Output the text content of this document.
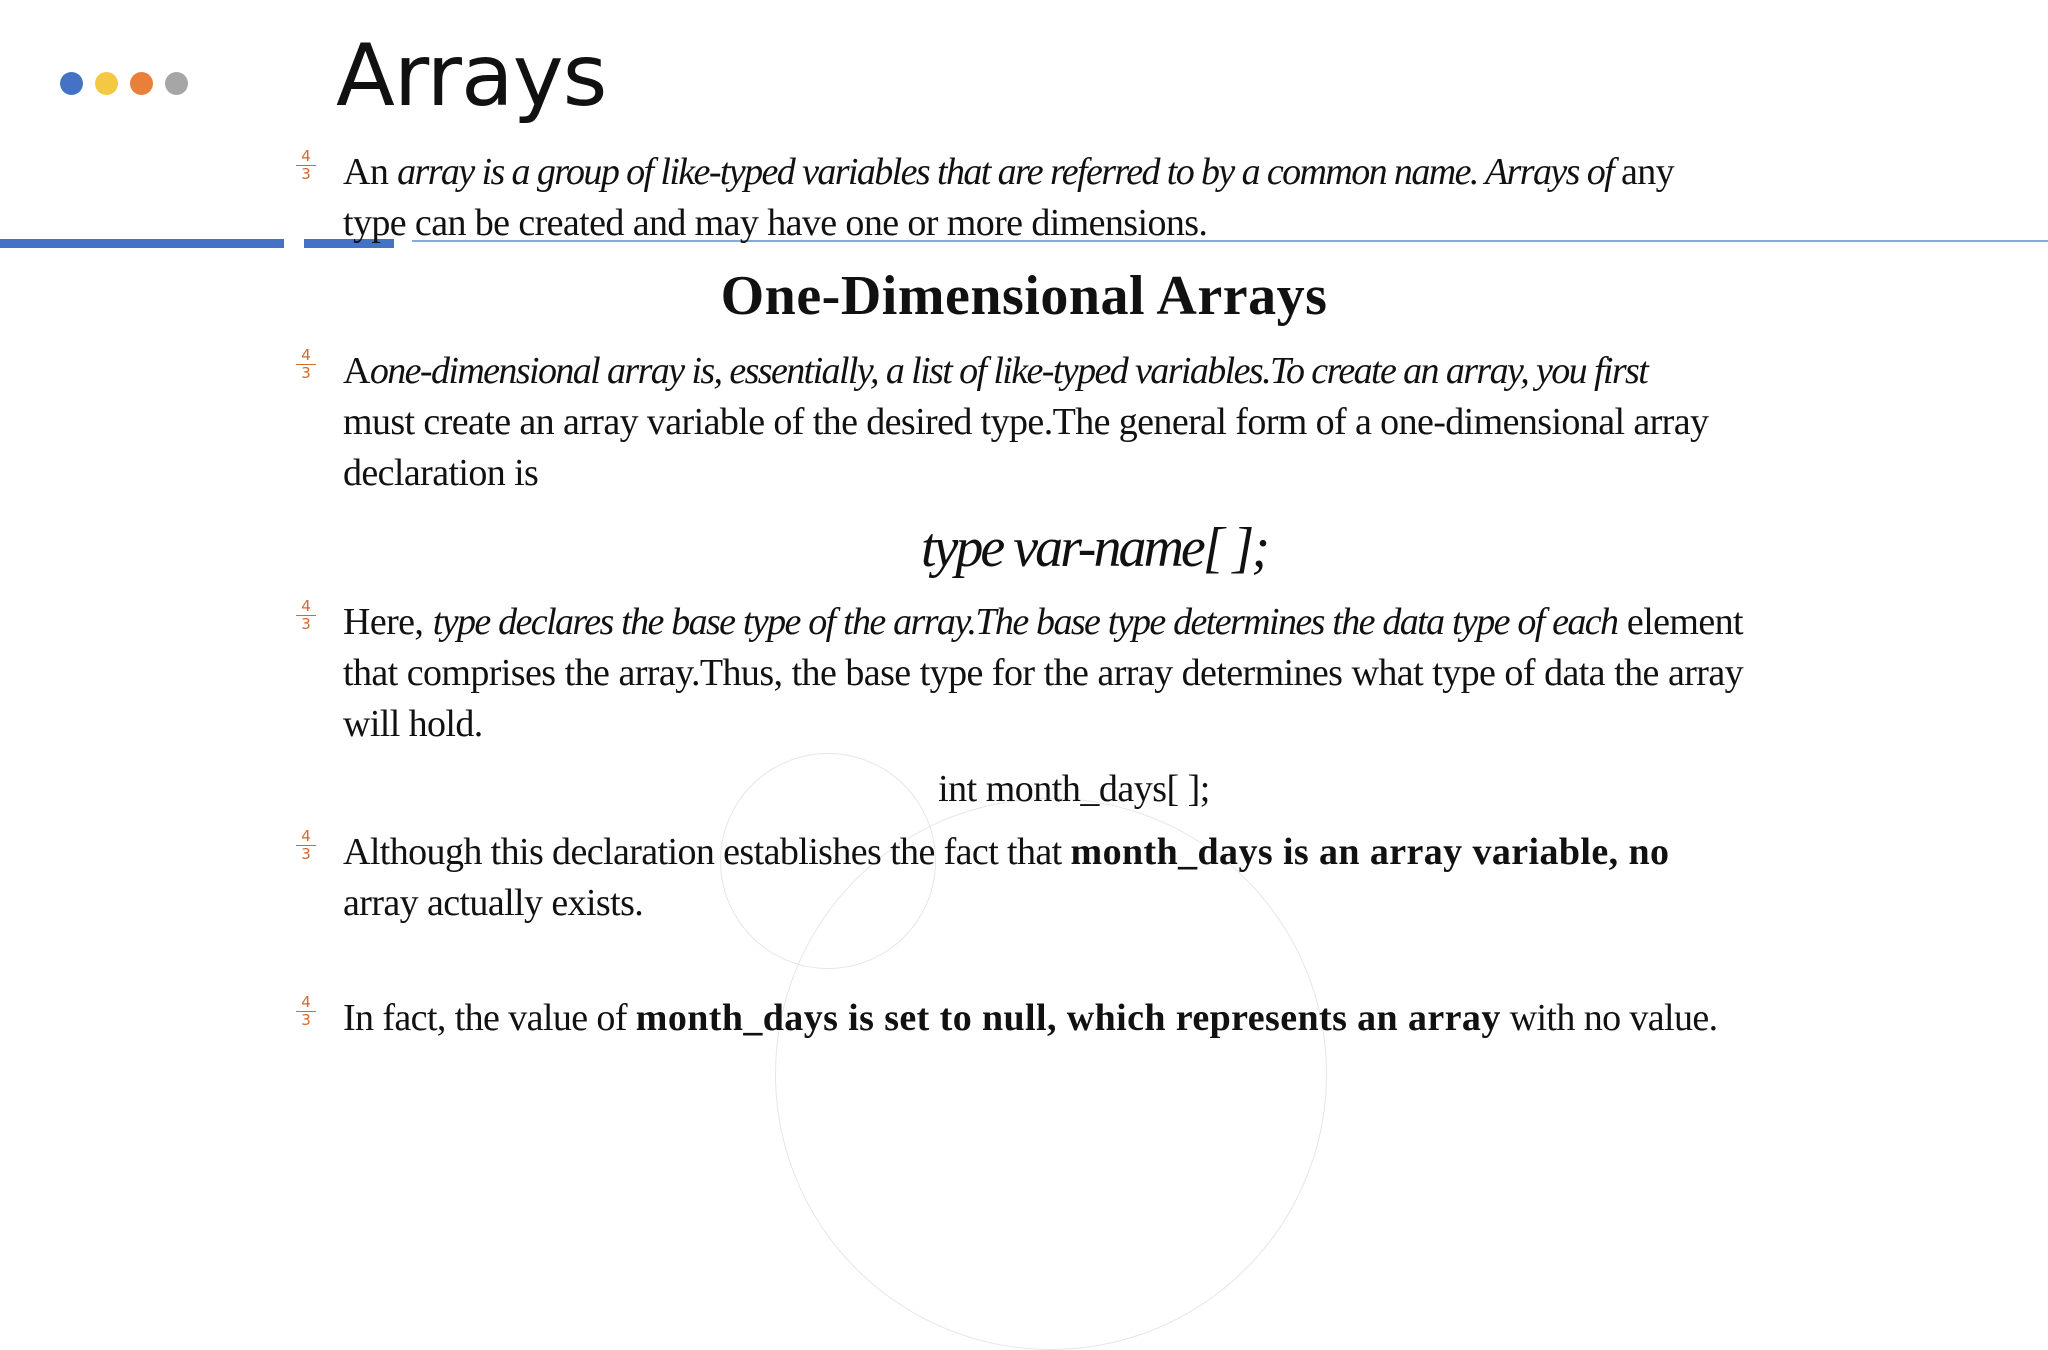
Arrays
4
3 An array is a group of like-typed variables that are referred to by a common name. Arrays of any type can be created and may have one or more dimensions.
One-Dimensional Arrays
4
3 Aone-dimensional array is, essentially, a list of like-typed variables.To create an array, you first must create an array variable of the desired type.The general form of a one-dimensional array declaration is
type var-name[ ];
4
3 Here, type declares the base type of the array.The base type determines the data type of each element that comprises the array.Thus, the base type for the array determines what type of data the array will hold.
int month_days[ ];
4
3 Although this declaration establishes the fact that month_days is an array variable, no
array actually exists.
4
3 In fact, the value of month_days is set to null, which represents an array with no value.
